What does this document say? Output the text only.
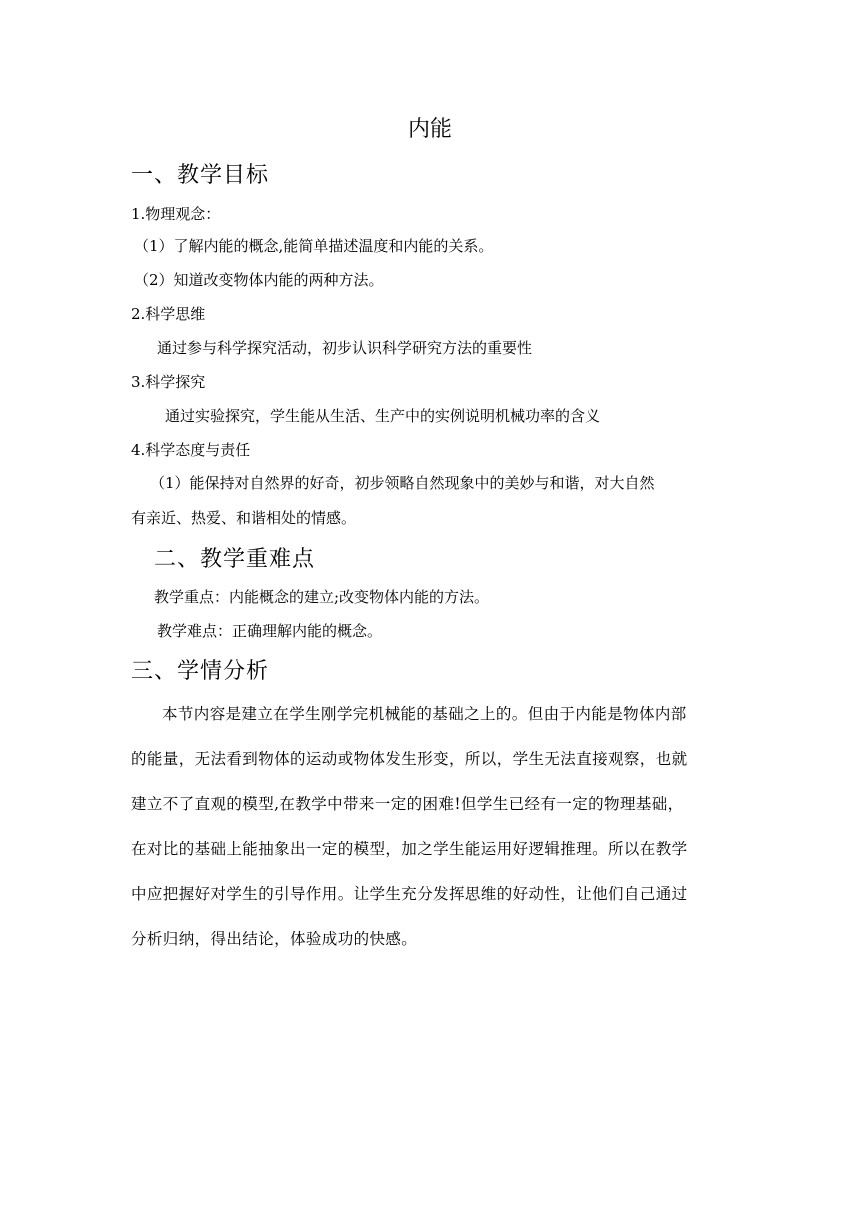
内能
一、教学目标
1.物理观念：
（1）了解内能的概念,能简单描述温度和内能的关系。
（2）知道改变物体内能的两种方法。
2.科学思维
通过参与科学探究活动，初步认识科学研究方法的重要性
3.科学探究
通过实验探究，学生能从生活、生产中的实例说明机械功率的含义
4.科学态度与责任
（1）能保持对自然界的好奇，初步领略自然现象中的美妙与和谐，对大自然
有亲近、热爱、和谐相处的情感。
二、教学重难点
教学重点：内能概念的建立;改变物体内能的方法。
教学难点：正确理解内能的概念。
三、学情分析
本节内容是建立在学生刚学完机械能的基础之上的。但由于内能是物体内部
的能量，无法看到物体的运动或物体发生形变，所以，学生无法直接观察，也就
建立不了直观的模型,在教学中带来一定的困难!但学生已经有一定的物理基础，
在对比的基础上能抽象出一定的模型，加之学生能运用好逻辑推理。所以在教学
中应把握好对学生的引导作用。让学生充分发挥思维的好动性，让他们自己通过
分析归纳，得出结论，体验成功的快感。
